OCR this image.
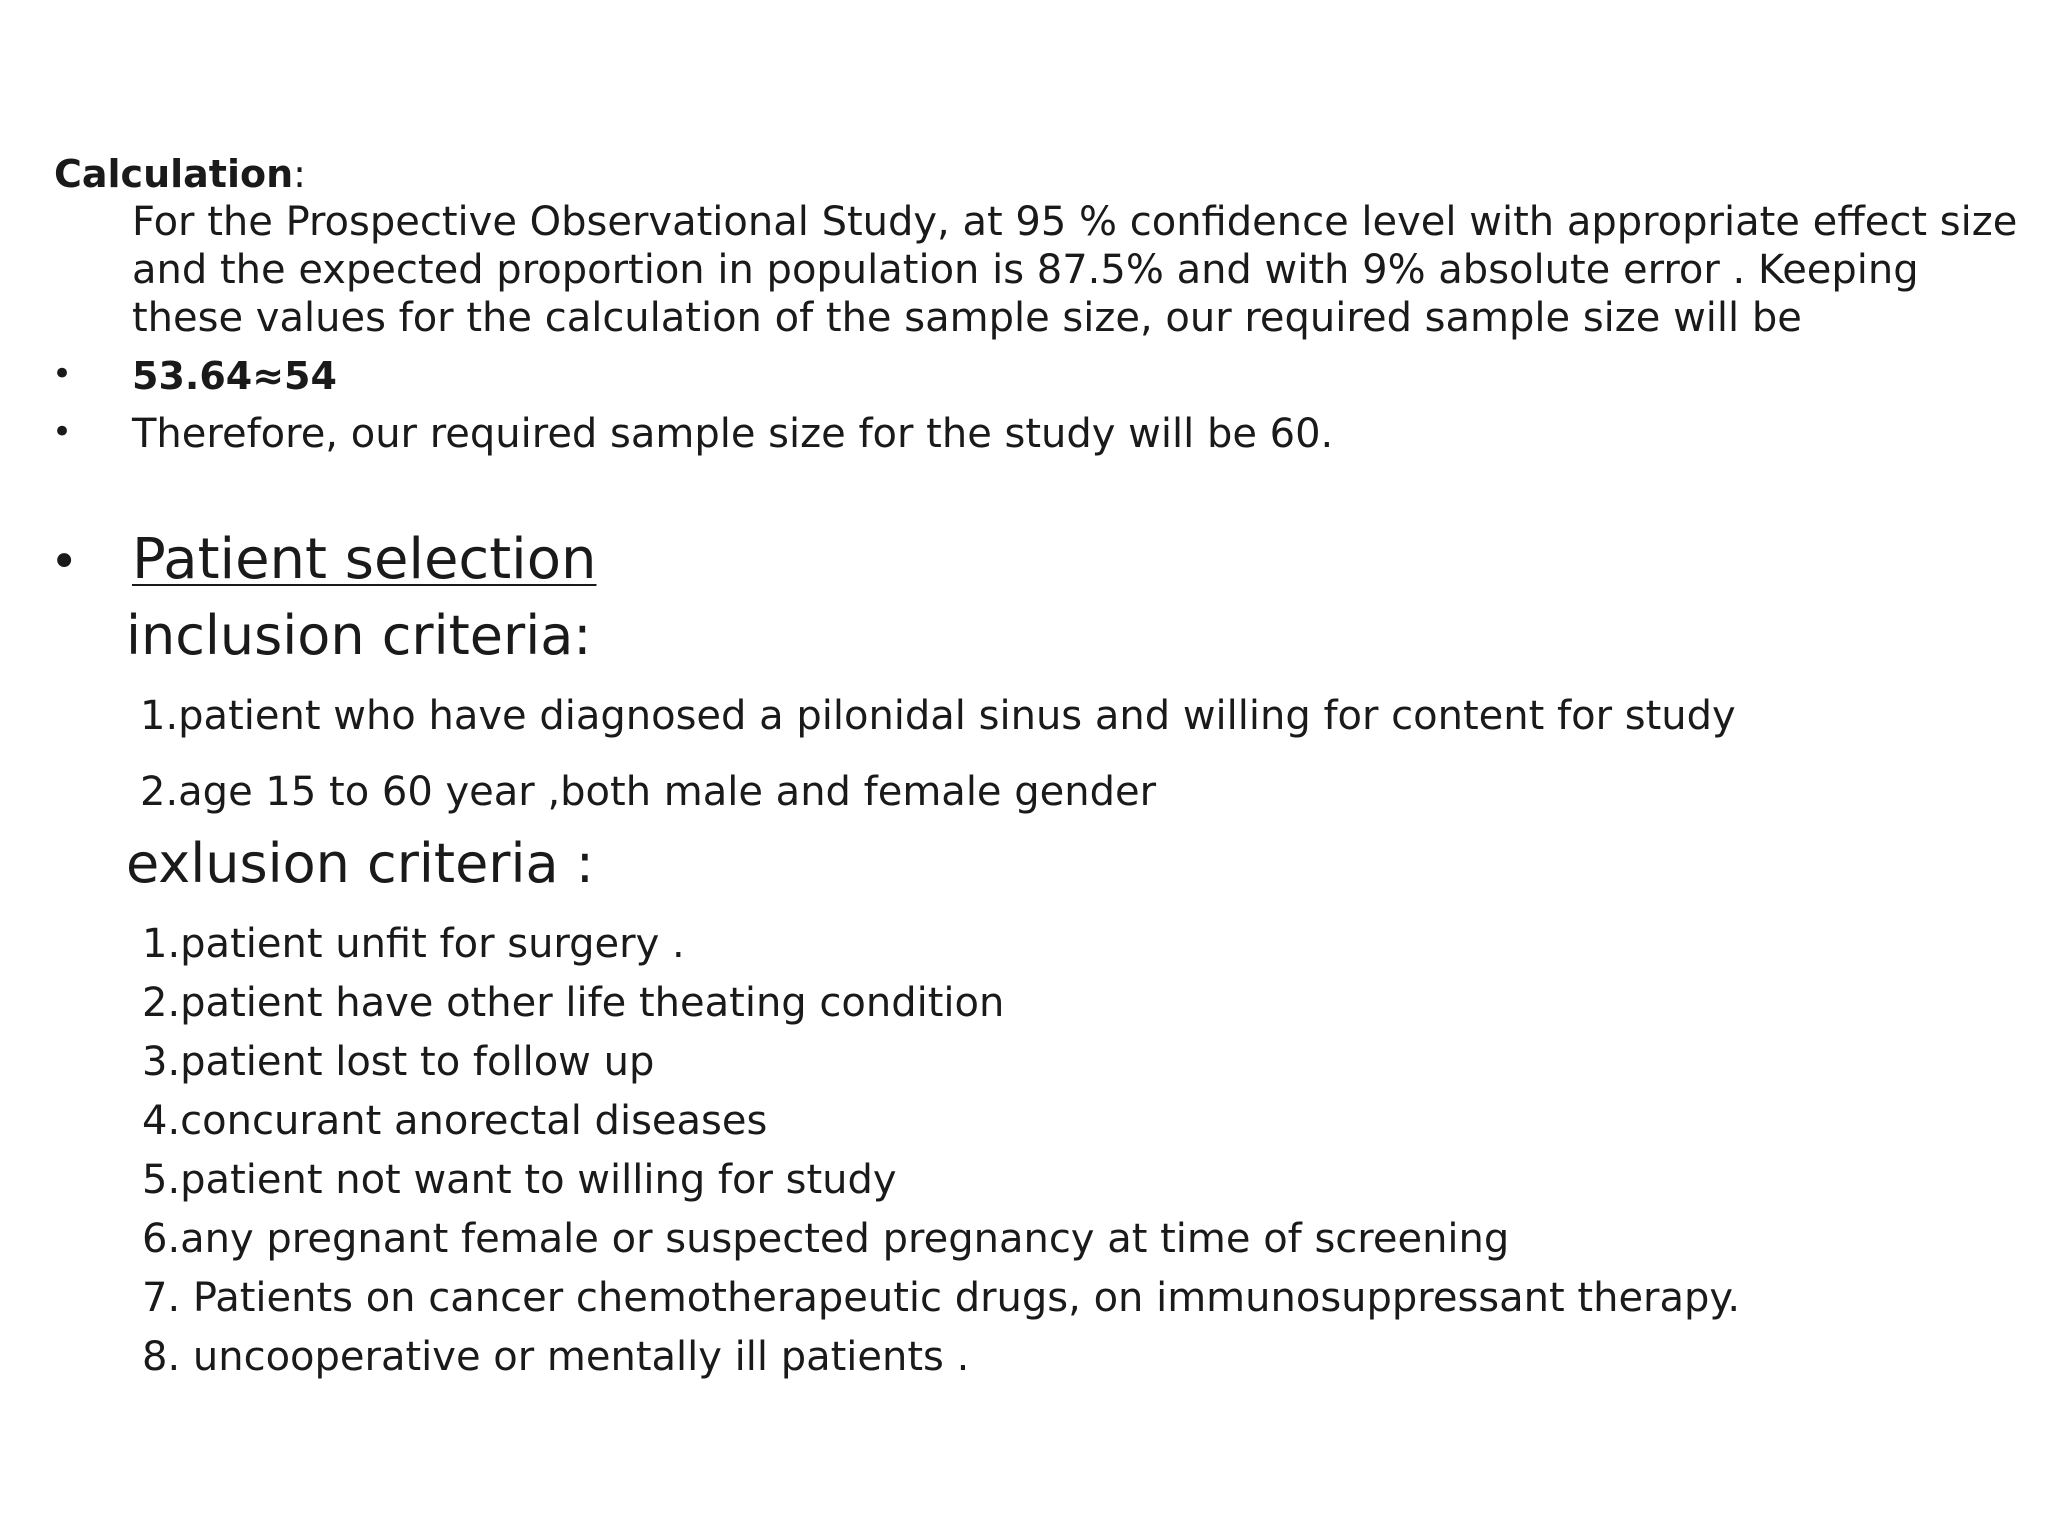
Calculation:

For the Prospective Observational Study, at 95 % confidence level with appropriate effect size

and the expected proportion in population is 87.5% and with 9% absolute error . Keeping

these values for the calculation of the sample size, our required sample size will be

• 53.64≈54
• Therefore, our required sample size for the study will be 60.
• Patient selection
inclusion criteria:
1.patient who have diagnosed a pilonidal sinus and willing for content for study
2.age 15 to 60 year ,both male and female gender
exlusion criteria :
1.patient unfit for surgery .
2.patient have other life theating condition
3.patient lost to follow up
4.concurant anorectal diseases
5.patient not want to willing for study
6.any pregnant female or suspected pregnancy at time of screening
7. Patients on cancer chemotherapeutic drugs, on immunosuppressant therapy.
8. uncooperative or mentally ill patients .
